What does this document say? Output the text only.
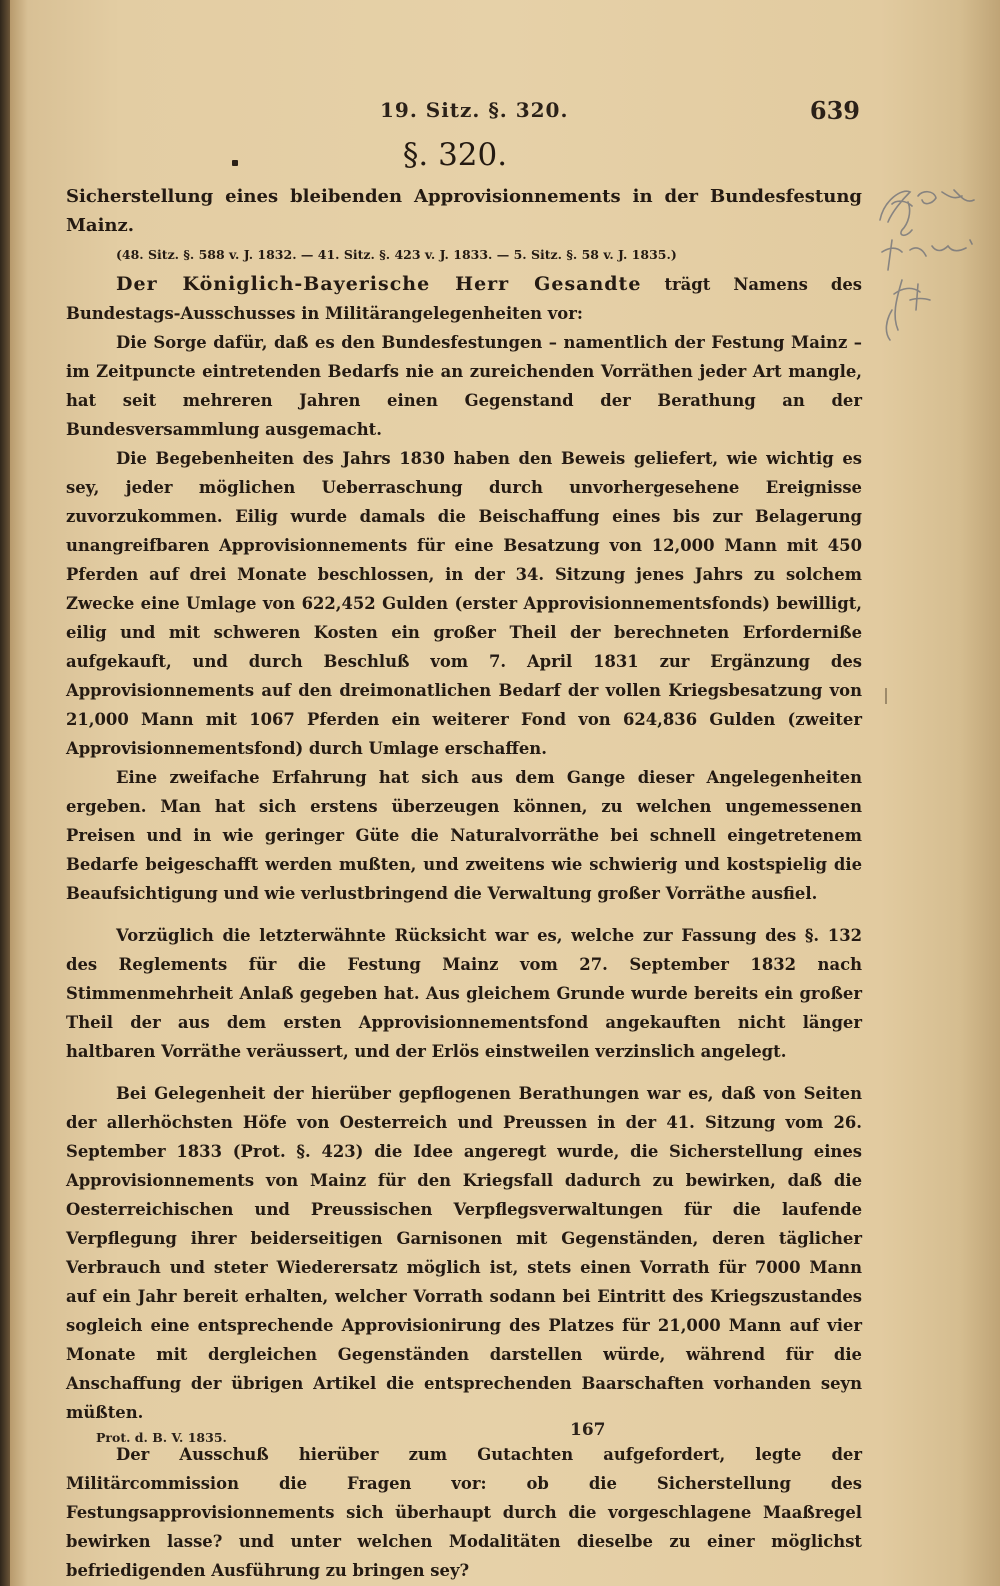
19. Sitz. §. 320.	639
§. 320.

Sicherstellung eines bleibenden Approvisionnements in der Bundesfestung Mainz.

(48. Sitz. §. 588 v. J. 1832. — 41. Sitz. §. 423 v. J. 1833. — 5. Sitz. §. 58 v. J. 1835.)

Der Königlich-Bayerische Herr Gesandte trägt Namens des Bundestags-Ausschusses in Militärangelegenheiten vor:

Die Sorge dafür, daß es den Bundesfestungen – namentlich der Festung Mainz – im Zeitpuncte eintretenden Bedarfs nie an zureichenden Vorräthen jeder Art mangle, hat seit mehreren Jahren einen Gegenstand der Berathung an der Bundesversammlung ausgemacht.

Die Begebenheiten des Jahrs 1830 haben den Beweis geliefert, wie wichtig es sey, jeder möglichen Ueberraschung durch unvorhergesehene Ereignisse zuvorzukommen. Eilig wurde damals die Beischaffung eines bis zur Belagerung unangreifbaren Approvisionnements für eine Besatzung von 12,000 Mann mit 450 Pferden auf drei Monate beschlossen, in der 34. Sitzung jenes Jahrs zu solchem Zwecke eine Umlage von 622,452 Gulden (erster Approvisionnementsfonds) bewilligt, eilig und mit schweren Kosten ein großer Theil der berechneten Erforderniße aufgekauft, und durch Beschluß vom 7. April 1831 zur Ergänzung des Approvisionnements auf den dreimonatlichen Bedarf der vollen Kriegsbesatzung von 21,000 Mann mit 1067 Pferden ein weiterer Fond von 624,836 Gulden (zweiter Approvisionnementsfond) durch Umlage erschaffen.

Eine zweifache Erfahrung hat sich aus dem Gange dieser Angelegenheiten ergeben. Man hat sich erstens überzeugen können, zu welchen ungemessenen Preisen und in wie geringer Güte die Naturalvorräthe bei schnell eingetretenem Bedarfe beigeschafft werden mußten, und zweitens wie schwierig und kostspielig die Beaufsichtigung und wie verlustbringend die Verwaltung großer Vorräthe ausfiel.

Vorzüglich die letzterwähnte Rücksicht war es, welche zur Fassung des §. 132 des Reglements für die Festung Mainz vom 27. September 1832 nach Stimmenmehrheit Anlaß gegeben hat. Aus gleichem Grunde wurde bereits ein großer Theil der aus dem ersten Approvisionnementsfond angekauften nicht länger haltbaren Vorräthe veräussert, und der Erlös einstweilen verzinslich angelegt.

Bei Gelegenheit der hierüber gepflogenen Berathungen war es, daß von Seiten der allerhöchsten Höfe von Oesterreich und Preussen in der 41. Sitzung vom 26. September 1833 (Prot. §. 423) die Idee angeregt wurde, die Sicherstellung eines Approvisionnements von Mainz für den Kriegsfall dadurch zu bewirken, daß die Oesterreichischen und Preussischen Verpflegsverwaltungen für die laufende Verpflegung ihrer beiderseitigen Garnisonen mit Gegenständen, deren täglicher Verbrauch und steter Wiederersatz möglich ist, stets einen Vorrath für 7000 Mann auf ein Jahr bereit erhalten, welcher Vorrath sodann bei Eintritt des Kriegszustandes sogleich eine entsprechende Approvisionirung des Platzes für 21,000 Mann auf vier Monate mit dergleichen Gegenständen darstellen würde, während für die Anschaffung der übrigen Artikel die entsprechenden Baarschaften vorhanden seyn müßten.

Der Ausschuß hierüber zum Gutachten aufgefordert, legte der Militärcommission die Fragen vor: ob die Sicherstellung des Festungsapprovisionnements sich überhaupt durch die vorgeschlagene Maaßregel bewirken lasse? und unter welchen Modalitäten dieselbe zu einer möglichst befriedigenden Ausführung zu bringen sey?

Prot. d. B. V. 1835.	167
